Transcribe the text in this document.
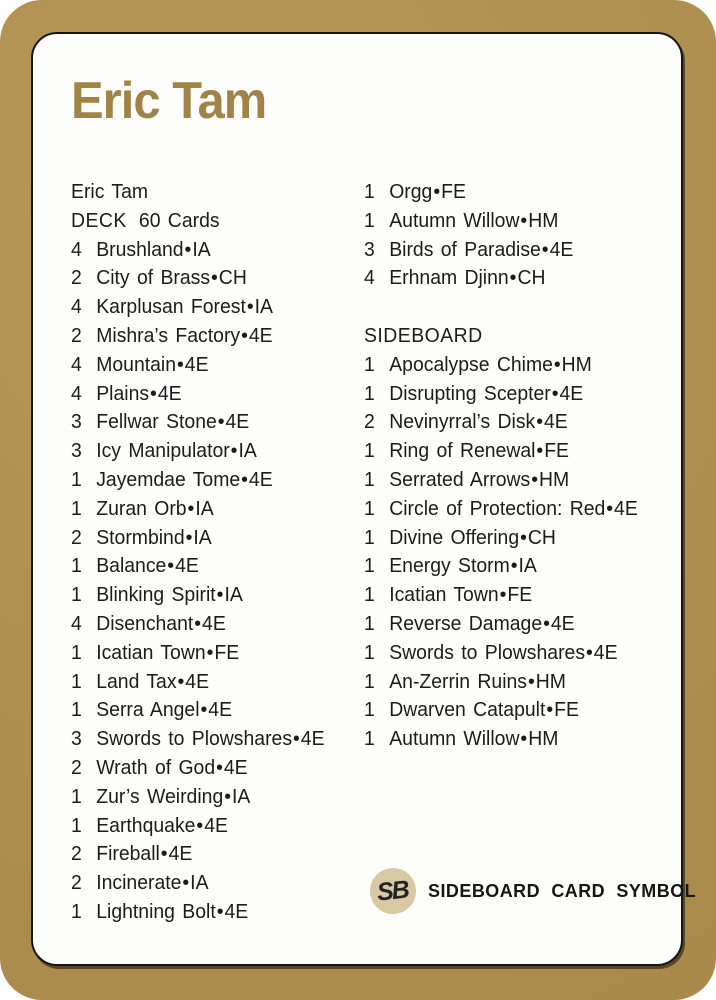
Eric Tam
Eric Tam
DECK 60 Cards
4 Brushland•IA
2 City of Brass•CH
4 Karplusan Forest•IA
2 Mishra’s Factory•4E
4 Mountain•4E
4 Plains•4E
3 Fellwar Stone•4E
3 Icy Manipulator•IA
1 Jayemdae Tome•4E
1 Zuran Orb•IA
2 Stormbind•IA
1 Balance•4E
1 Blinking Spirit•IA
4 Disenchant•4E
1 Icatian Town•FE
1 Land Tax•4E
1 Serra Angel•4E
3 Swords to Plowshares•4E
2 Wrath of God•4E
1 Zur’s Weirding•IA
1 Earthquake•4E
2 Fireball•4E
2 Incinerate•IA
1 Lightning Bolt•4E
1 Orgg•FE
1 Autumn Willow•HM
3 Birds of Paradise•4E
4 Erhnam Djinn•CH
SIDEBOARD
1 Apocalypse Chime•HM
1 Disrupting Scepter•4E
2 Nevinyrral’s Disk•4E
1 Ring of Renewal•FE
1 Serrated Arrows•HM
1 Circle of Protection: Red•4E
1 Divine Offering•CH
1 Energy Storm•IA
1 Icatian Town•FE
1 Reverse Damage•4E
1 Swords to Plowshares•4E
1 An-Zerrin Ruins•HM
1 Dwarven Catapult•FE
1 Autumn Willow•HM
SB SIDEBOARD CARD SYMBOL
